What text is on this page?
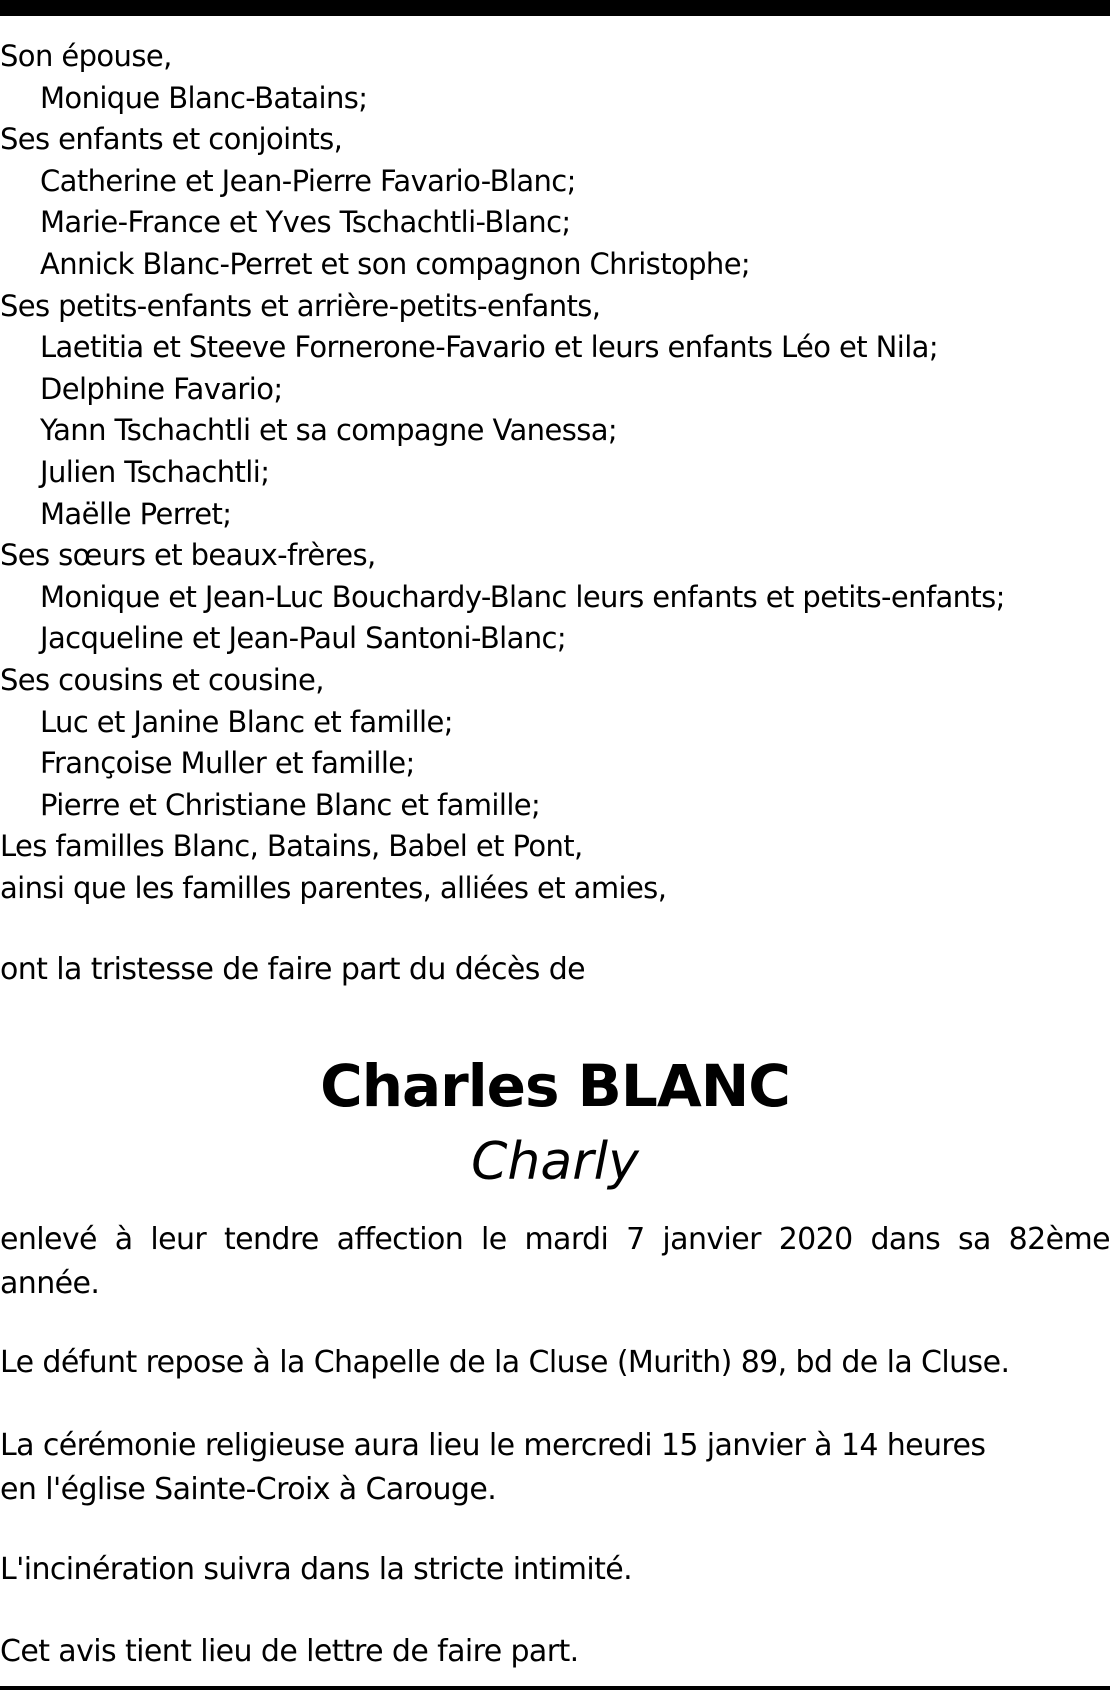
Son épouse,
Monique Blanc-Batains;
Ses enfants et conjoints,
Catherine et Jean-Pierre Favario-Blanc;
Marie-France et Yves Tschachtli-Blanc;
Annick Blanc-Perret et son compagnon Christophe;
Ses petits-enfants et arrière-petits-enfants,
Laetitia et Steeve Fornerone-Favario et leurs enfants Léo et Nila;
Delphine Favario;
Yann Tschachtli et sa compagne Vanessa;
Julien Tschachtli;
Maëlle Perret;
Ses sœurs et beaux-frères,
Monique et Jean-Luc Bouchardy-Blanc leurs enfants et petits-enfants;
Jacqueline et Jean-Paul Santoni-Blanc;
Ses cousins et cousine,
Luc et Janine Blanc et famille;
Françoise Muller et famille;
Pierre et Christiane Blanc et famille;
Les familles Blanc, Batains, Babel et Pont,
ainsi que les familles parentes, alliées et amies,
ont la tristesse de faire part du décès de
Charles BLANC
Charly
enlevé à leur tendre affection le mardi 7 janvier 2020 dans sa 82ème année.
Le défunt repose à la Chapelle de la Cluse (Murith) 89, bd de la Cluse.
La cérémonie religieuse aura lieu le mercredi 15 janvier à 14 heures
en l'église Sainte-Croix à Carouge.
L'incinération suivra dans la stricte intimité.
Cet avis tient lieu de lettre de faire part.
